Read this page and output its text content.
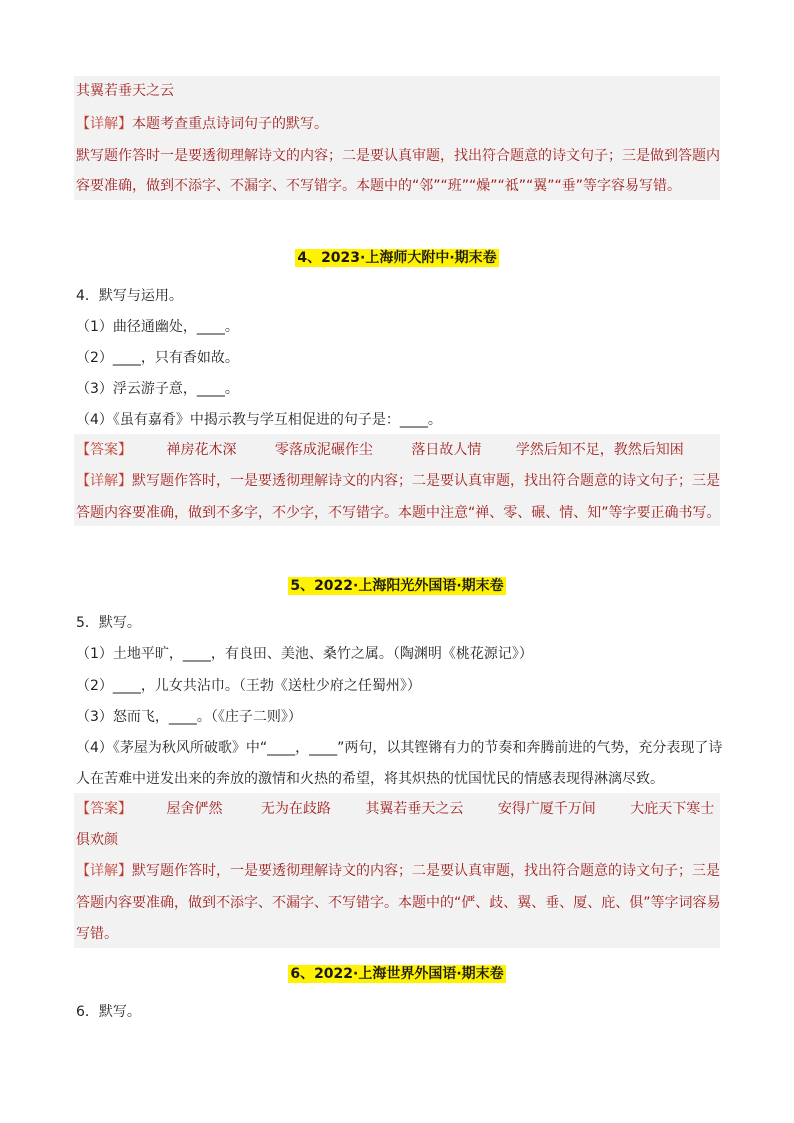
其翼若垂天之云
【详解】本题考查重点诗词句子的默写。
默写题作答时一是要透彻理解诗文的内容；二是要认真审题，找出符合题意的诗文句子；三是做到答题内
容要准确，做到不添字、不漏字、不写错字。本题中的“邻”“班”“燥”“祗”“翼”“垂”等字容易写错。
4、2023·上海师大附中·期末卷
4．默写与运用。
（1）曲径通幽处，____。
（2）____，只有香如故。
（3）浮云游子意，____。
（4）《虽有嘉肴》中揭示教与学互相促进的句子是：____。
【答案】 禅房花木深	零落成泥碾作尘	落日故人情 学然后知不足，教然后知困
【详解】默写题作答时，一是要透彻理解诗文的内容；二是要认真审题，找出符合题意的诗文句子；三是
答题内容要准确，做到不多字，不少字，不写错字。本题中注意“禅、零、碾、情、知”等字要正确书写。
5、2022·上海阳光外国语·期末卷
5．默写。
（1）土地平旷，____，有良田、美池、桑竹之属。（陶渊明《桃花源记》）
（2）____，儿女共沾巾。（王勃《送杜少府之任蜀州》）
（3）怒而飞，____。（《庄子二则》）
（4）《茅屋为秋风所破歌》中“____，____”两句，以其铿锵有力的节奏和奔腾前进的气势，充分表现了诗
人在苦难中迸发出来的奔放的激情和火热的希望，将其炽热的忧国忧民的情感表现得淋漓尽致。
【答案】 屋舍俨然	无为在歧路 其翼若垂天之云 安得广厦千万间 大庇天下寒士
俱欢颜
【详解】默写题作答时，一是要透彻理解诗文的内容；二是要认真审题，找出符合题意的诗文句子；三是
答题内容要准确，做到不添字、不漏字、不写错字。本题中的“俨、歧、翼、垂、厦、庇、俱”等字词容易
写错。
6、2022·上海世界外国语·期末卷
6．默写。
